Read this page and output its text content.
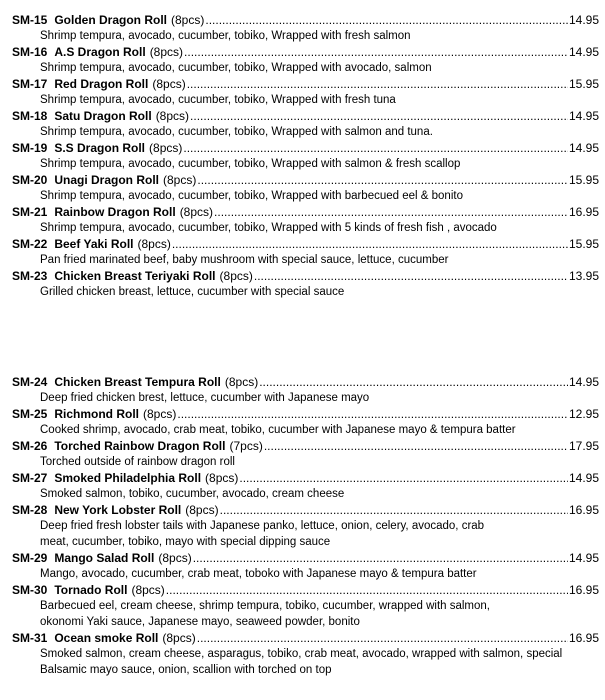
SM-15 Golden Dragon Roll (8pcs) .....	14.95
Shrimp tempura, avocado, cucumber, tobiko, Wrapped with fresh salmon
SM-16 A.S Dragon Roll (8pcs) .....	14.95
Shrimp tempura, avocado, cucumber, tobiko, Wrapped with avocado, salmon
SM-17 Red Dragon Roll (8pcs) .....	15.95
Shrimp tempura, avocado, cucumber, tobiko, Wrapped with fresh tuna
SM-18 Satu Dragon Roll (8pcs) .....	14.95
Shrimp tempura, avocado, cucumber, tobiko, Wrapped with salmon and tuna.
SM-19 S.S Dragon Roll (8pcs) .....	14.95
Shrimp tempura, avocado, cucumber, tobiko, Wrapped with salmon & fresh scallop
SM-20 Unagi Dragon Roll (8pcs) .....	15.95
Shrimp tempura, avocado, cucumber, tobiko, Wrapped with barbecued eel & bonito
SM-21 Rainbow Dragon Roll (8pcs) .....	16.95
Shrimp tempura, avocado, cucumber, tobiko, Wrapped with 5 kinds of fresh fish , avocado
SM-22 Beef Yaki Roll (8pcs) .....	15.95
Pan fried marinated beef, baby mushroom with special sauce, lettuce, cucumber
SM-23 Chicken Breast Teriyaki Roll (8pcs) .....	13.95
Grilled chicken breast, lettuce, cucumber with special sauce
SM-24 Chicken Breast Tempura Roll (8pcs) .....	14.95
Deep fried chicken brest, lettuce, cucumber with Japanese mayo
SM-25 Richmond Roll (8pcs) .....	12.95
Cooked shrimp, avocado, crab meat, tobiko, cucumber with Japanese mayo & tempura batter
SM-26 Torched Rainbow Dragon Roll (7pcs) .....	17.95
Torched outside of rainbow dragon roll
SM-27 Smoked Philadelphia Roll (8pcs) .....	14.95
Smoked salmon, tobiko, cucumber, avocado, cream cheese
SM-28 New York Lobster Roll (8pcs) .....	16.95
Deep fried fresh lobster tails with Japanese panko, lettuce, onion, celery, avocado, crab
meat, cucumber, tobiko, mayo with special dipping sauce
SM-29 Mango Salad Roll (8pcs) .....	14.95
Mango, avocado, cucumber, crab meat, toboko with Japanese mayo & tempura batter
SM-30 Tornado Roll (8pcs) .....	16.95
Barbecued eel, cream cheese, shrimp tempura, tobiko, cucumber, wrapped with salmon,
okonomi Yaki sauce, Japanese mayo, seaweed powder, bonito
SM-31 Ocean smoke Roll (8pcs) .....	16.95
Smoked salmon, cream cheese, asparagus, tobiko, crab meat, avocado, wrapped with salmon, special
Balsamic mayo sauce, onion, scallion with torched on top
